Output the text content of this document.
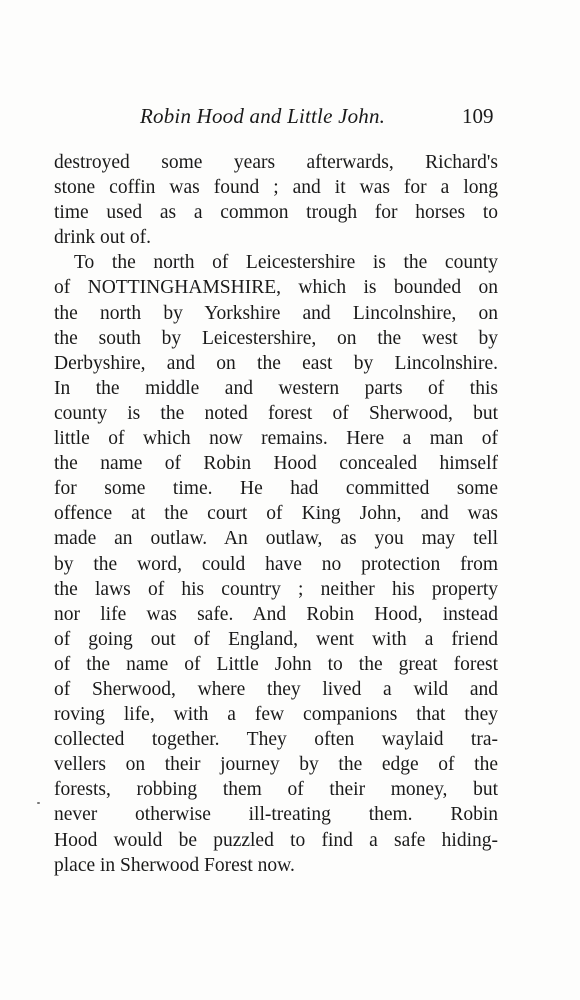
Robin Hood and Little John.	109
destroyed some years afterwards, Richard's
stone coffin was found ; and it was for a long
time used as a common trough for horses to
drink out of.
To the north of Leicestershire is the county
of NOTTINGHAMSHIRE, which is bounded on
the north by Yorkshire and Lincolnshire, on
the south by Leicestershire, on the west by
Derbyshire, and on the east by Lincolnshire.
In the middle and western parts of this
county is the noted forest of Sherwood, but
little of which now remains. Here a man of
the name of Robin Hood concealed himself
for some time. He had committed some
offence at the court of King John, and was
made an outlaw. An outlaw, as you may tell
by the word, could have no protection from
the laws of his country ; neither his property
nor life was safe. And Robin Hood, instead
of going out of England, went with a friend
of the name of Little John to the great forest
of Sherwood, where they lived a wild and
roving life, with a few companions that they
collected together. They often waylaid tra-
vellers on their journey by the edge of the
forests, robbing them of their money, but
never otherwise ill-treating them. Robin
Hood would be puzzled to find a safe hiding-
place in Sherwood Forest now.
